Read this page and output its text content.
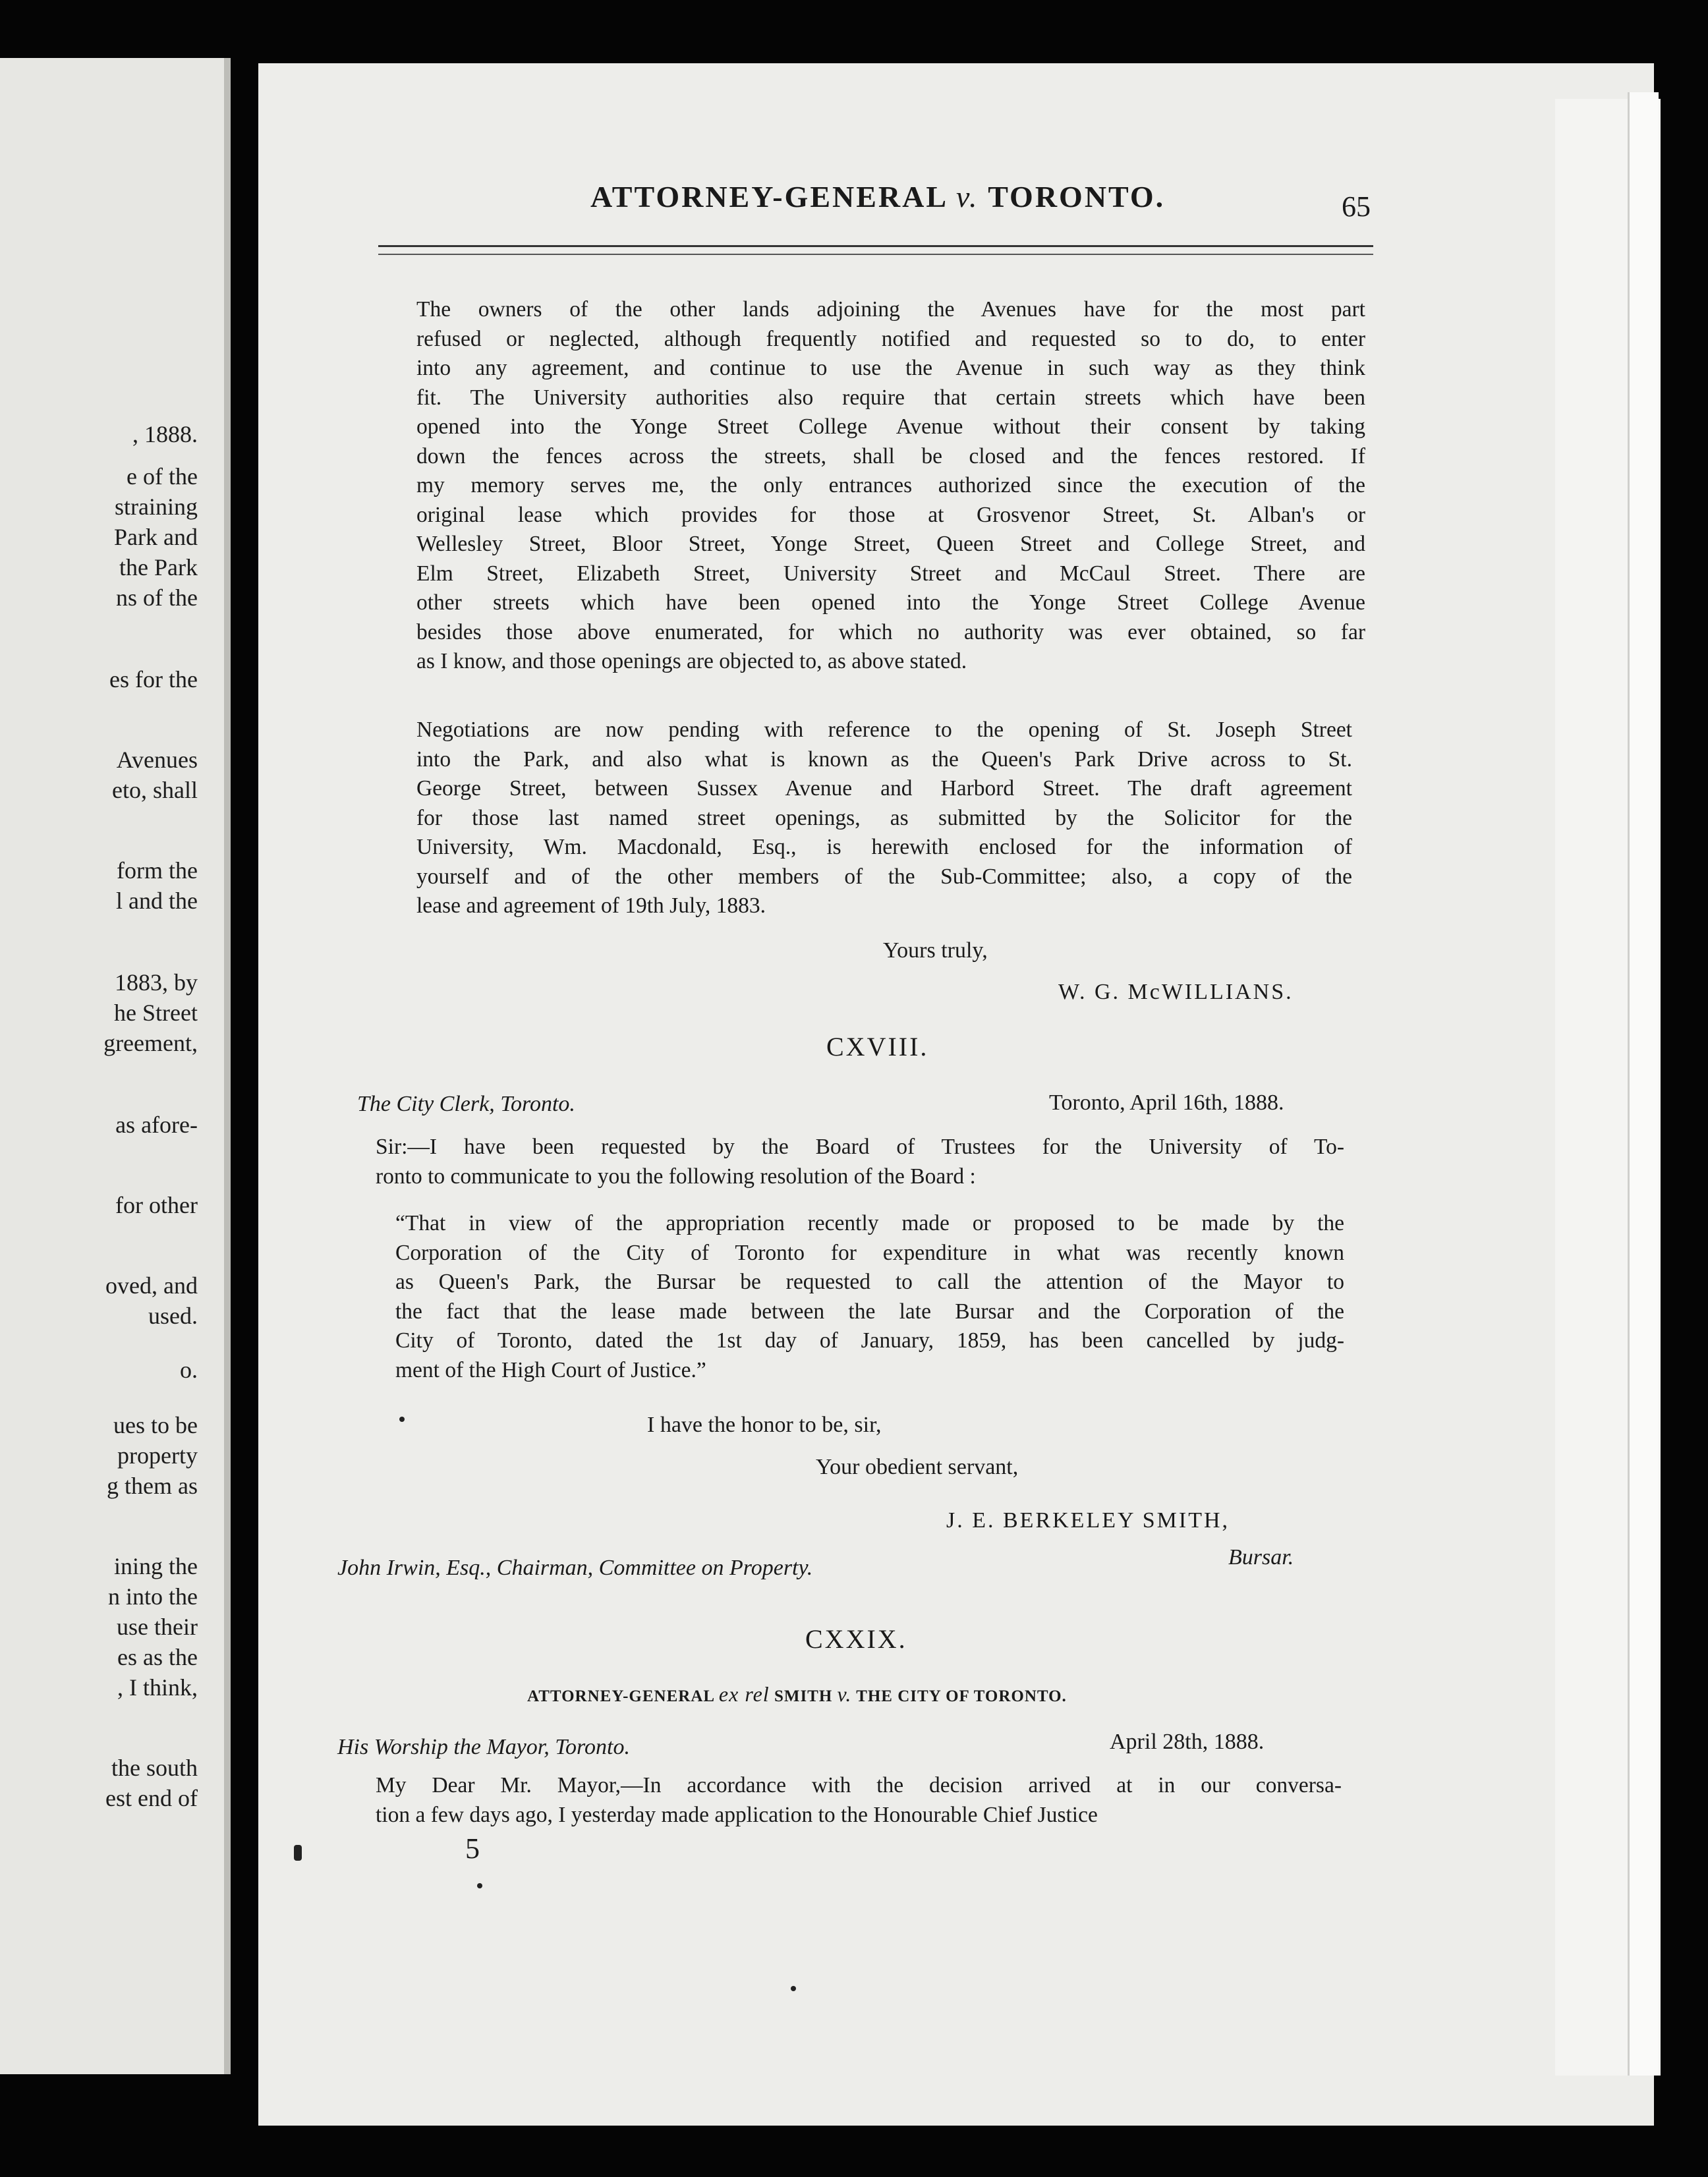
, 1888.
e of the
straining
Park and
the Park
ns of the
es for the
Avenues
eto, shall
form the
l and the
1883, by
he Street
greement,
as afore-
for other
oved, and
used.
o.
ues to be
property
g them as
ining the
n into the
use their
es as the
, I think,
the south
est end of
ATTORNEY-GENERAL v. TORONTO.	65
The owners of the other lands adjoining the Avenues have for the most part
refused or neglected, although frequently notified and requested so to do, to enter
into any agreement, and continue to use the Avenue in such way as they think
fit. The University authorities also require that certain streets which have been
opened into the Yonge Street College Avenue without their consent by taking
down the fences across the streets, shall be closed and the fences restored. If
my memory serves me, the only entrances authorized since the execution of the
original lease which provides for those at Grosvenor Street, St. Alban's or
Wellesley Street, Bloor Street, Yonge Street, Queen Street and College Street, and
Elm Street, Elizabeth Street, University Street and McCaul Street. There are
other streets which have been opened into the Yonge Street College Avenue
besides those above enumerated, for which no authority was ever obtained, so far
as I know, and those openings are objected to, as above stated.
Negotiations are now pending with reference to the opening of St. Joseph Street
into the Park, and also what is known as the Queen's Park Drive across to St.
George Street, between Sussex Avenue and Harbord Street. The draft agreement
for those last named street openings, as submitted by the Solicitor for the
University, Wm. Macdonald, Esq., is herewith enclosed for the information of
yourself and of the other members of the Sub-Committee; also, a copy of the
lease and agreement of 19th July, 1883.
Yours truly,
W. G. McWILLIANS.
CXVIII.
The City Clerk, Toronto.	Toronto, April 16th, 1888.
Sir:—I have been requested by the Board of Trustees for the University of To-
ronto to communicate to you the following resolution of the Board :
“That in view of the appropriation recently made or proposed to be made by the
Corporation of the City of Toronto for expenditure in what was recently known
as Queen's Park, the Bursar be requested to call the attention of the Mayor to
the fact that the lease made between the late Bursar and the Corporation of the
City of Toronto, dated the 1st day of January, 1859, has been cancelled by judg-
ment of the High Court of Justice.”
I have the honor to be, sir,
Your obedient servant,
J. E. BERKELEY SMITH,
John Irwin, Esq., Chairman, Committee on Property.	Bursar.
CXXIX.
ATTORNEY-GENERAL ex rel SMITH v. THE CITY OF TORONTO.
His Worship the Mayor, Toronto.	April 28th, 1888.
My Dear Mr. Mayor,—In accordance with the decision arrived at in our conversa-
tion a few days ago, I yesterday made application to the Honourable Chief Justice
5
